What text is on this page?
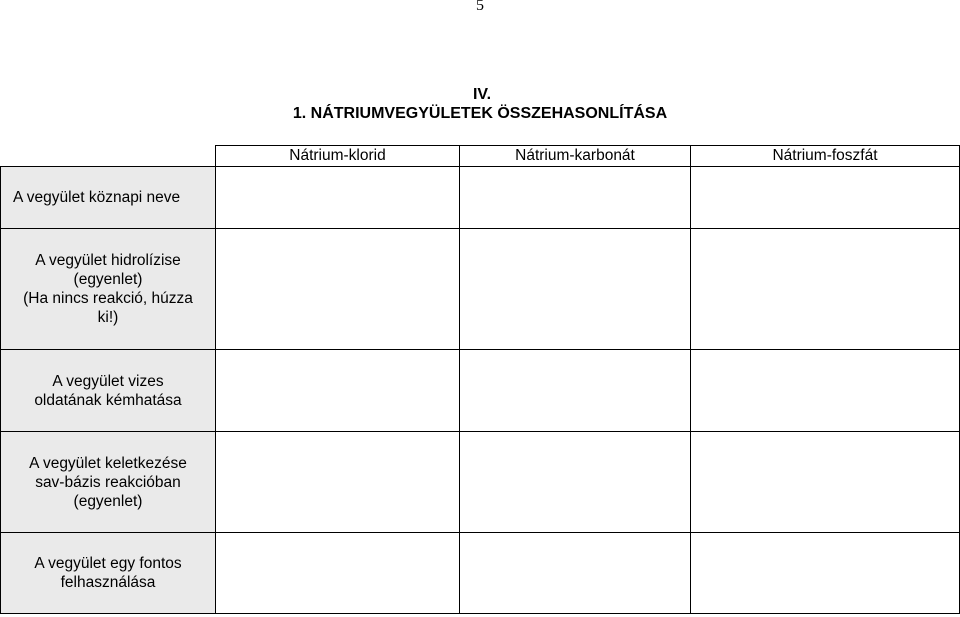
5
IV.
1. NÁTRIUMVEGYÜLETEK ÖSSZEHASONLÍTÁSA
	Nátrium-klorid	Nátrium-karbonát	Nátrium-foszfát

A vegyület köznapi neve			

A vegyület hidrolízise
(egyenlet)
(Ha nincs reakció, húzza
ki!)			

A vegyület vizes
oldatának kémhatása			

A vegyület keletkezése
sav-bázis reakcióban
(egyenlet)			

A vegyület egy fontos
felhasználása			
